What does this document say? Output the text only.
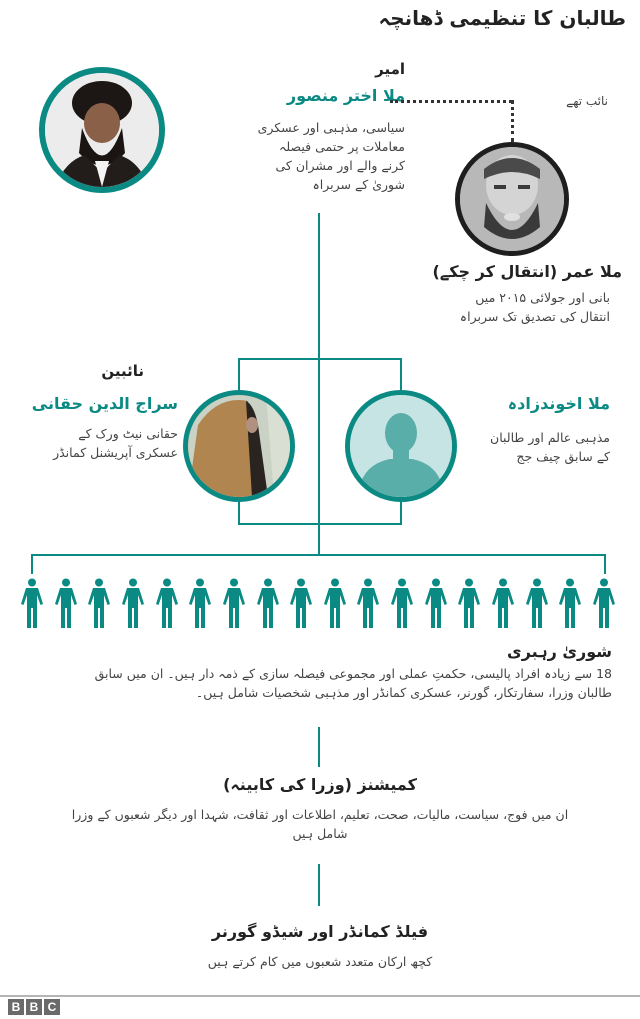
طالبان کا تنظیمی ڈھانچہ
امیر
ملا اختر منصور
سیاسی، مذہبی اور عسکری
معاملات پر حتمی فیصلہ
کرنے والے اور مشران کی
شوریٰ کے سربراہ
نائب تھے
ملا عمر (انتقال کر چکے)
بانی اور جولائی ۲۰۱۵ میں
انتقال کی تصدیق تک سربراہ
نائبین
سراج الدین حقانی
حقانی نیٹ ورک کے
عسکری آپریشنل کمانڈر
ملا اخوندزادہ
مذہبی عالم اور طالبان
کے سابق چیف جج
شوریٰ رہبری
18 سے زیادہ افراد پالیسی، حکمتِ عملی اور مجموعی فیصلہ سازی کے ذمہ دار ہیں۔ ان میں سابق
طالبان وزرا، سفارتکار، گورنر، عسکری کمانڈر اور مذہبی شخصیات شامل ہیں۔
کمیشنز (وزرا کی کابینہ)
ان میں فوج، سیاست، مالیات، صحت، تعلیم، اطلاعات اور ثقافت، شہدا اور دیگر شعبوں کے وزرا
شامل ہیں
فیلڈ کمانڈر اور شیڈو گورنر
کچھ ارکان متعدد شعبوں میں کام کرتے ہیں
B B C
